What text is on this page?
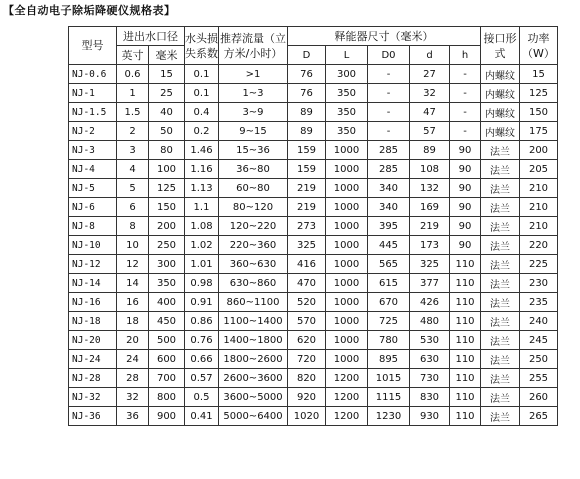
【全自动电子除垢降硬仪规格表】
型号	进出水口径		水头损失系数	推荐流量（立方米/小时）	释能器尺寸（毫米）					接口形式	功率（W）
	英寸	毫米			D	L	D0	d	h		
NJ-0.6	0.6	15	0.1	>1	76	300	-	27	-	内螺纹	15
NJ-1	1	25	0.1	1~3	76	350	-	32	-	内螺纹	125
NJ-1.5	1.5	40	0.4	3~9	89	350	-	47	-	内螺纹	150
NJ-2	2	50	0.2	9~15	89	350	-	57	-	内螺纹	175
NJ-3	3	80	1.46	15~36	159	1000	285	89	90	法兰	200
NJ-4	4	100	1.16	36~80	159	1000	285	108	90	法兰	205
NJ-5	5	125	1.13	60~80	219	1000	340	132	90	法兰	210
NJ-6	6	150	1.1	80~120	219	1000	340	169	90	法兰	210
NJ-8	8	200	1.08	120~220	273	1000	395	219	90	法兰	210
NJ-10	10	250	1.02	220~360	325	1000	445	173	90	法兰	220
NJ-12	12	300	1.01	360~630	416	1000	565	325	110	法兰	225
NJ-14	14	350	0.98	630~860	470	1000	615	377	110	法兰	230
NJ-16	16	400	0.91	860~1100	520	1000	670	426	110	法兰	235
NJ-18	18	450	0.86	1100~1400	570	1000	725	480	110	法兰	240
NJ-20	20	500	0.76	1400~1800	620	1000	780	530	110	法兰	245
NJ-24	24	600	0.66	1800~2600	720	1000	895	630	110	法兰	250
NJ-28	28	700	0.57	2600~3600	820	1200	1015	730	110	法兰	255
NJ-32	32	800	0.5	3600~5000	920	1200	1115	830	110	法兰	260
NJ-36	36	900	0.41	5000~6400	1020	1200	1230	930	110	法兰	265
